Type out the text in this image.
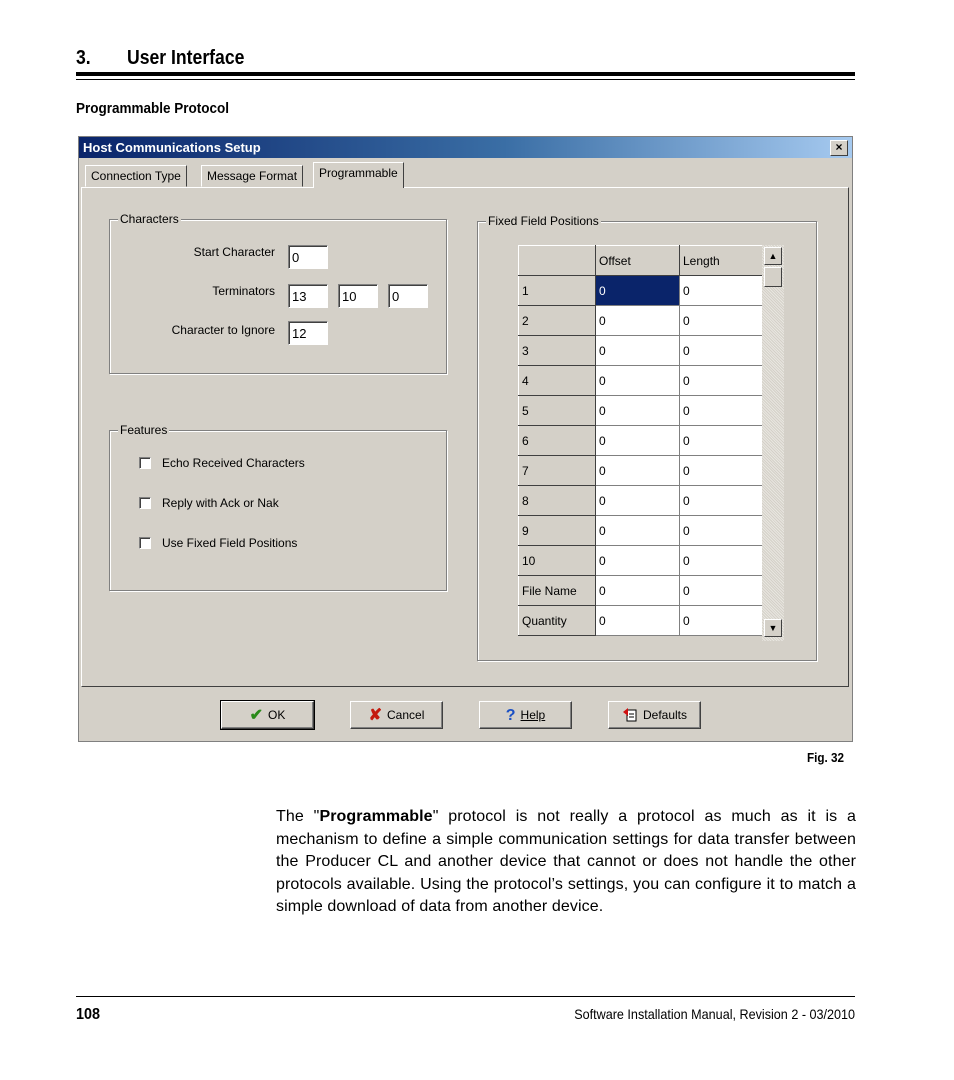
3. User Interface
Programmable Protocol
Host Communications Setup	×
Connection Type	Message Format	Programmable
Characters
Start Character	0
Terminators	13	10	0
Character to Ignore	12
Features
Echo Received Characters
Reply with Ack or Nak
Use Fixed Field Positions
Fixed Field Positions
	Offset	Length
1	0	0
2	0	0
3	0	0
4	0	0
5	0	0
6	0	0
7	0	0
8	0	0
9	0	0
10	0	0
File Name	0	0
Quantity	0	0
▲
▼
✔ OK	✘ Cancel	? Help	Defaults
Fig. 32

The "Programmable" protocol is not really a protocol as much as it is a mechanism to define a simple communication settings for data transfer between the Producer CL and another device that cannot or does not handle the other protocols available. Using the protocol’s settings, you can configure it to match a simple download of data from another device.

108	Software Installation Manual, Revision 2 - 03/2010
